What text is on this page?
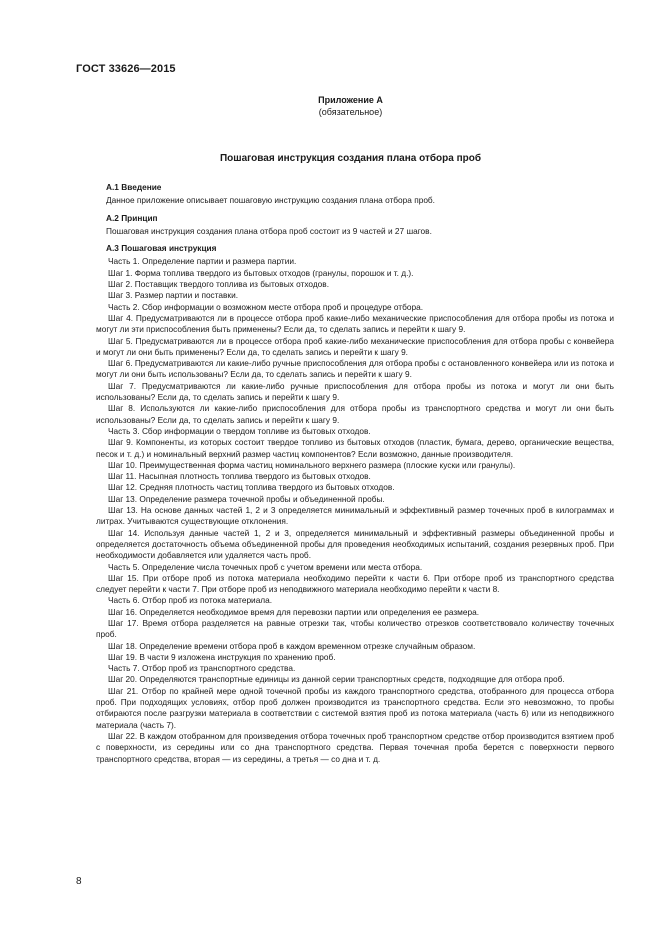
ГОСТ 33626—2015
Приложение А
(обязательное)
Пошаговая инструкция создания плана отбора проб
А.1 Введение
Данное приложение описывает пошаговую инструкцию создания плана отбора проб.
А.2 Принцип
Пошаговая инструкция создания плана отбора проб состоит из 9 частей и 27 шагов.
А.3 Пошаговая инструкция
Часть 1. Определение партии и размера партии.
Шаг 1. Форма топлива твердого из бытовых отходов (гранулы, порошок и т. д.).
Шаг 2. Поставщик твердого топлива из бытовых отходов.
Шаг 3. Размер партии и поставки.
Часть 2. Сбор информации о возможном месте отбора проб и процедуре отбора.
Шаг 4. Предусматриваются ли в процессе отбора проб какие-либо механические приспособления для отбора пробы из потока и могут ли эти приспособления быть применены? Если да, то сделать запись и перейти к шагу 9.
Шаг 5. Предусматриваются ли в процессе отбора проб какие-либо механические приспособления для отбора пробы с конвейера и могут ли они быть применены? Если да, то сделать запись и перейти к шагу 9.
Шаг 6. Предусматриваются ли какие-либо ручные приспособления для отбора пробы с остановленного конвейера или из потока и могут ли они быть использованы? Если да, то сделать запись и перейти к шагу 9.
Шаг 7. Предусматриваются ли какие-либо ручные приспособления для отбора пробы из потока и могут ли они быть использованы? Если да, то сделать запись и перейти к шагу 9.
Шаг 8. Используются ли какие-либо приспособления для отбора пробы из транспортного средства и могут ли они быть использованы? Если да, то сделать запись и перейти к шагу 9.
Часть 3. Сбор информации о твердом топливе из бытовых отходов.
Шаг 9. Компоненты, из которых состоит твердое топливо из бытовых отходов (пластик, бумага, дерево, органические вещества, песок и т. д.) и номинальный верхний размер частиц компонентов? Если возможно, данные производителя.
Шаг 10. Преимущественная форма частиц номинального верхнего размера (плоские куски или гранулы).
Шаг 11. Насыпная плотность топлива твердого из бытовых отходов.
Шаг 12. Средняя плотность частиц топлива твердого из бытовых отходов.
Шаг 13. Определение размера точечной пробы и объединенной пробы.
Шаг 13. На основе данных частей 1, 2 и 3 определяется минимальный и эффективный размер точечных проб в килограммах и литрах. Учитываются существующие отклонения.
Шаг 14. Используя данные частей 1, 2 и 3, определяется минимальный и эффективный размеры объединенной пробы и определяется достаточность объема объединенной пробы для проведения необходимых испытаний, создания резервных проб. При необходимости добавляется или удаляется часть проб.
Часть 5. Определение числа точечных проб с учетом времени или места отбора.
Шаг 15. При отборе проб из потока материала необходимо перейти к части 6. При отборе проб из транспортного средства следует перейти к части 7. При отборе проб из неподвижного материала необходимо перейти к части 8.
Часть 6. Отбор проб из потока материала.
Шаг 16. Определяется необходимое время для перевозки партии или определения ее размера.
Шаг 17. Время отбора разделяется на равные отрезки так, чтобы количество отрезков соответствовало количеству точечных проб.
Шаг 18. Определение времени отбора проб в каждом временном отрезке случайным образом.
Шаг 19. В части 9 изложена инструкция по хранению проб.
Часть 7. Отбор проб из транспортного средства.
Шаг 20. Определяются транспортные единицы из данной серии транспортных средств, подходящие для отбора проб.
Шаг 21. Отбор по крайней мере одной точечной пробы из каждого транспортного средства, отобранного для процесса отбора проб. При подходящих условиях, отбор проб должен производится из транспортного средства. Если это невозможно, то пробы отбираются после разгрузки материала в соответствии с системой взятия проб из потока материала (часть 6) или из неподвижного материала (часть 7).
Шаг 22. В каждом отобранном для произведения отбора точечных проб транспортном средстве отбор производится взятием проб с поверхности, из середины или со дна транспортного средства. Первая точечная проба берется с поверхности первого транспортного средства, вторая — из середины, а третья — со дна и т. д.
8
